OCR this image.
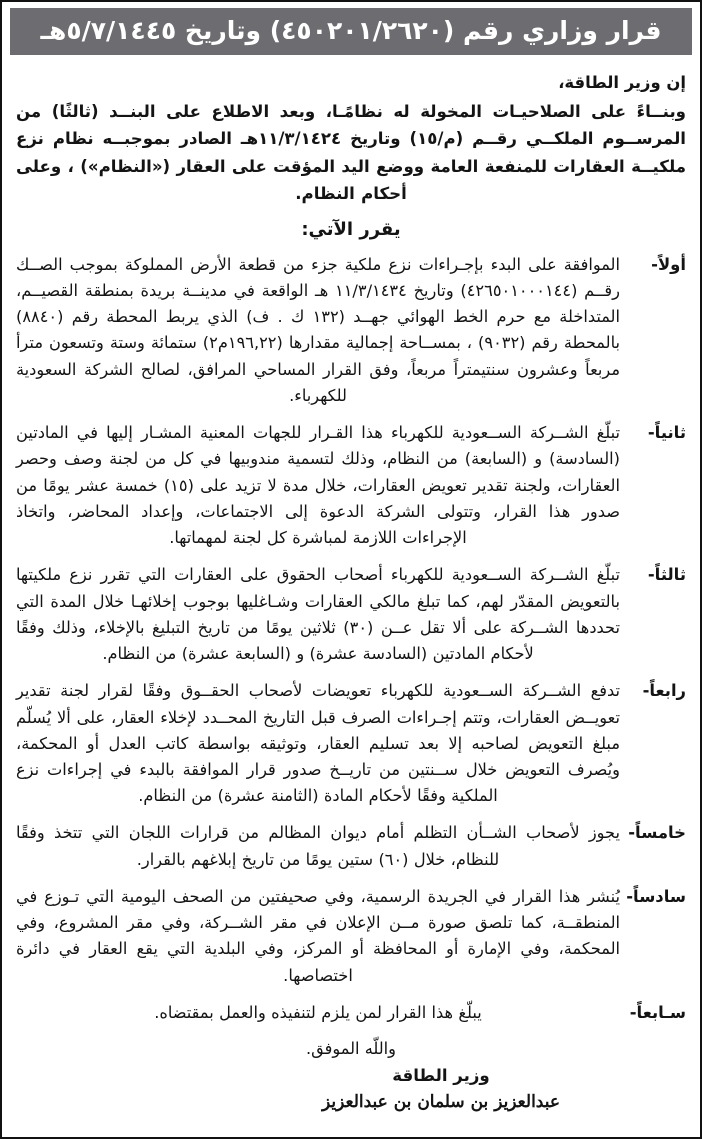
قرار وزاري رقم (٤٥٠٢٠١/٢٦٢٠) وتاريخ ٥/٧/١٤٤٥هـ
إن وزير الطاقة،
وبنــاءً على الصلاحيـات المخولة له نظامًـا، وبعد الاطلاع على البنــد (ثالثًا) من المرســوم الملكــي رقــم (م/١٥) وتاريخ ١١/٣/١٤٢٤هـ الصادر بموجبــه نظام نزع ملكيــة العقارات للمنفعة العامة ووضع اليد المؤقت على العقار («النظام») ، وعلى أحكام النظام.
يقرر الآتي:
أولاً-
الموافقة على البدء بإجـراءات نزع ملكية جزء من قطعة الأرض المملوكة بموجب الصــك رقــم (٤٢٦٥٠١٠٠٠١٤٤) وتاريخ ١١/٣/١٤٣٤ هـ الواقعة في مدينــة بريدة بمنطقة القصيــم، المتداخلة مع حرم الخط الهوائي جهــد (١٣٢ ك . ف) الذي يربط المحطة رقم (٨٨٤٠) بالمحطة رقم (٩٠٣٢) ، بمســاحة إجمالية مقدارها (١٩٦,٢٢م٢) ستمائة وستة وتسعون مترأ مربعاً وعشرون سنتيمتراً مربعاً، وفق القرار المساحي المرافق، لصالح الشركة السعودية للكهرباء.
ثانياً-
تبلّغ الشــركة الســعودية للكهرباء هذا القـرار للجهات المعنية المشـار إليها في المادتين (السادسة) و (السابعة) من النظام، وذلك لتسمية مندوبيها في كل من لجنة وصف وحصر العقارات، ولجنة تقدير تعويض العقارات، خلال مدة لا تزيد على (١٥) خمسة عشر يومًا من صدور هذا القرار، وتتولى الشركة الدعوة إلى الاجتماعات، وإعداد المحاضر، واتخاذ الإجراءات اللازمة لمباشرة كل لجنة لمهماتها.
ثالثاً-
تبلّغ الشــركة الســعودية للكهرباء أصحاب الحقوق على العقارات التي تقرر نزع ملكيتها بالتعويض المقدّر لهم، كما تبلغ مالكي العقارات وشـاغليها بوجوب إخلائهـا خلال المدة التي تحددها الشــركة على ألا تقل عــن (٣٠) ثلاثين يومًا من تاريخ التبليغ بالإخلاء، وذلك وفقًا لأحكام المادتين (السادسة عشرة) و (السابعة عشرة) من النظام.
رابعاً-
تدفع الشــركة الســعودية للكهرباء تعويضات لأصحاب الحقــوق وفقًا لقرار لجنة تقدير تعويــض العقارات، وتتم إجـراءات الصرف قبل التاريخ المحــدد لإخلاء العقار، على ألا يُسلّم مبلغ التعويض لصاحبه إلا بعد تسليم العقار، وتوثيقه بواسطة كاتب العدل أو المحكمة، ويُصرف التعويض خلال ســنتين من تاريــخ صدور قرار الموافقة بالبدء في إجراءات نزع الملكية وفقًا لأحكام المادة (الثامنة عشرة) من النظام.
خامساً-
يجوز لأصحاب الشــأن التظلم أمام ديوان المظالم من قرارات اللجان التي تتخذ وفقًا للنظام، خلال (٦٠) ستين يومًا من تاريخ إبلاغهم بالقرار.
سادساً-
يُنشر هذا القرار في الجريدة الرسمية، وفي صحيفتين من الصحف اليومية التي تـوزع في المنطقــة، كما تلصق صورة مــن الإعلان في مقر الشــركة، وفي مقر المشروع، وفي المحكمة، وفي الإمارة أو المحافظة أو المركز، وفي البلدية التي يقع العقار في دائرة اختصاصها.
سـابعاً-
يبلّغ هذا القرار لمن يلزم لتنفيذه والعمل بمقتضاه.
واللّه الموفق.
وزير الطاقة
عبدالعزيز بن سلمان بن عبدالعزيز
